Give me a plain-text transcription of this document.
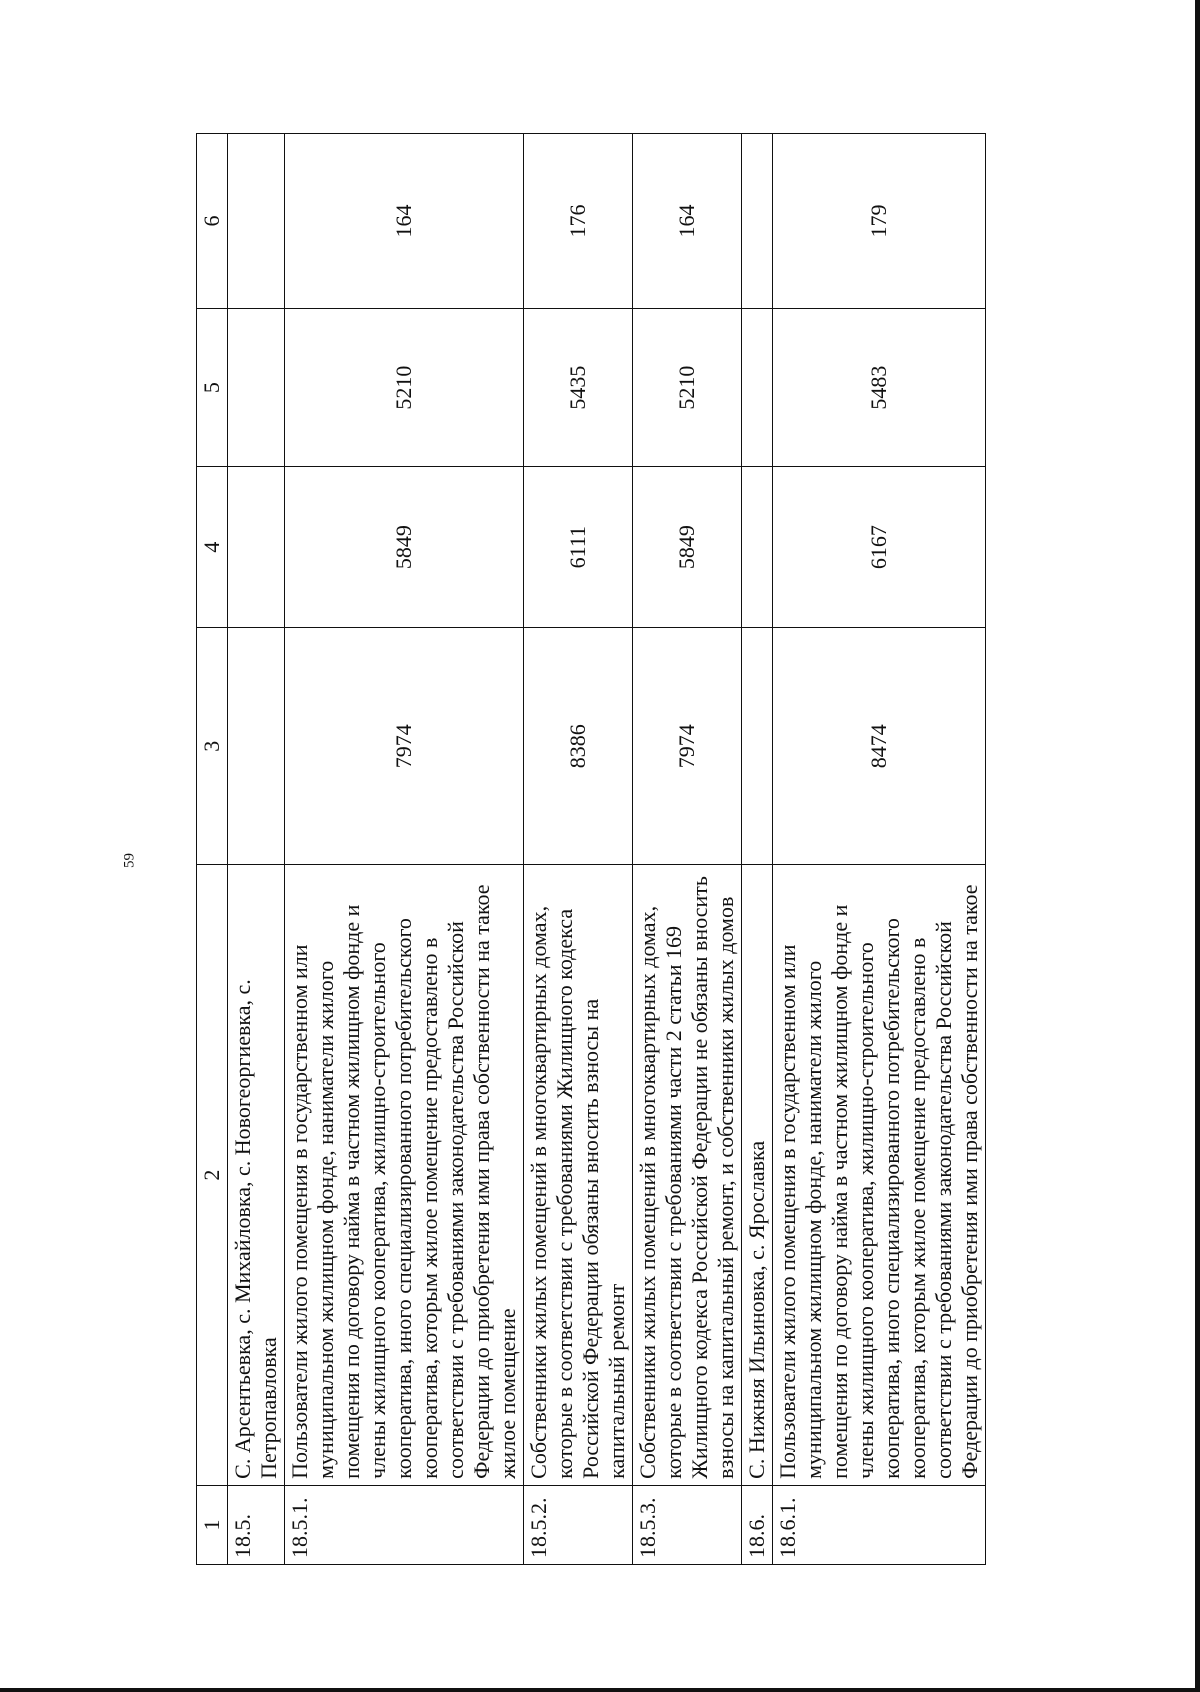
59
1	2	3	4	5	6
18.5.	С. Арсентьевка, с. Михайловка, с. Новогеоргиевка, с. Петропавловка				
18.5.1.	Пользователи жилого помещения в государственном или муниципальном жилищном фонде, наниматели жилого помещения по договору найма в частном жилищном фонде и члены жилищного кооператива, жилищно-строительного кооператива, иного специализированного потребительского кооператива, которым жилое помещение предоставлено в соответствии с требованиями законодательства Российской Федерации до приобретения ими права собственности на такое жилое помещение	7974	5849	5210	164
18.5.2.	Собственники жилых помещений в многоквартирных домах, которые в соответствии с требованиями Жилищного кодекса Российской Федерации обязаны вносить взносы на капитальный ремонт	8386	6111	5435	176
18.5.3.	Собственники жилых помещений в многоквартирных домах, которые в соответствии с требованиями части 2 статьи 169 Жилищного кодекса Российской Федерации не обязаны вносить взносы на капитальный ремонт, и собственники жилых домов	7974	5849	5210	164
18.6.	С. Нижняя Ильиновка, с. Ярославка				
18.6.1.	Пользователи жилого помещения в государственном или муниципальном жилищном фонде, наниматели жилого помещения по договору найма в частном жилищном фонде и члены жилищного кооператива, жилищно-строительного кооператива, иного специализированного потребительского кооператива, которым жилое помещение предоставлено в соответствии с требованиями законодательства Российской Федерации до приобретения ими права собственности на такое	8474	6167	5483	179
